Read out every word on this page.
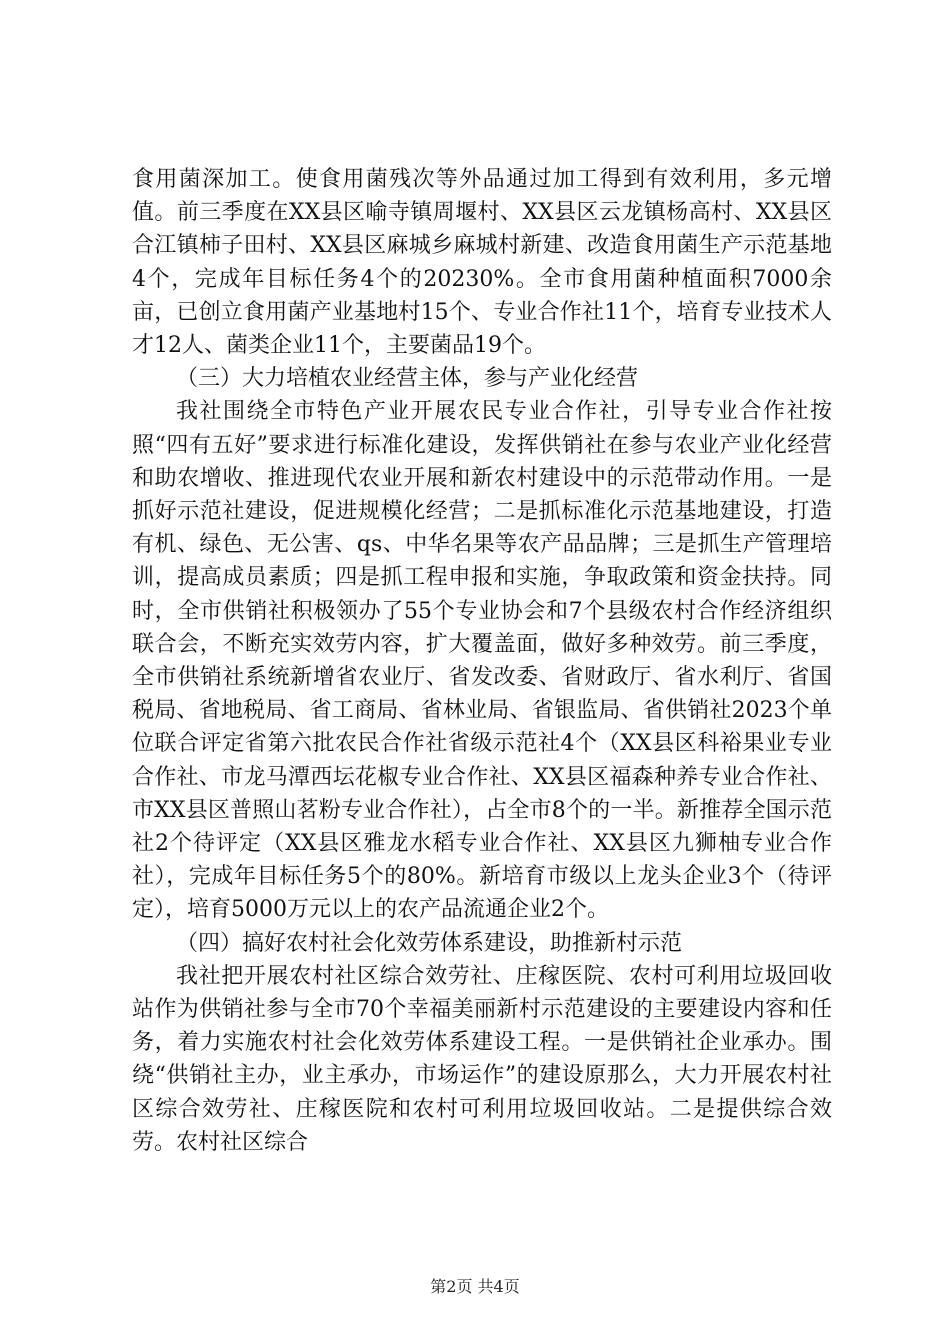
食用菌深加工。使食用菌残次等外品通过加工得到有效利用，多元增值。前三季度在XX县区喻寺镇周堰村、XX县区云龙镇杨高村、XX县区合江镇柿子田村、XX县区麻城乡麻城村新建、改造食用菌生产示范基地4个，完成年目标任务4个的20230%。全市食用菌种植面积7000余亩，已创立食用菌产业基地村15个、专业合作社11个，培育专业技术人才12人、菌类企业11个，主要菌品19个。

（三）大力培植农业经营主体，参与产业化经营

我社围绕全市特色产业开展农民专业合作社，引导专业合作社按照“四有五好”要求进行标准化建设，发挥供销社在参与农业产业化经营和助农增收、推进现代农业开展和新农村建设中的示范带动作用。一是抓好示范社建设，促进规模化经营；二是抓标准化示范基地建设，打造有机、绿色、无公害、qs、中华名果等农产品品牌；三是抓生产管理培训，提高成员素质；四是抓工程申报和实施，争取政策和资金扶持。同时，全市供销社积极领办了55个专业协会和7个县级农村合作经济组织联合会，不断充实效劳内容，扩大覆盖面，做好多种效劳。前三季度，全市供销社系统新增省农业厅、省发改委、省财政厅、省水利厅、省国税局、省地税局、省工商局、省林业局、省银监局、省供销社2023个单位联合评定省第六批农民合作社省级示范社4个（XX县区科裕果业专业合作社、市龙马潭西坛花椒专业合作社、XX县区福森种养专业合作社、市XX县区普照山茗粉专业合作社），占全市8个的一半。新推荐全国示范社2个待评定（XX县区雅龙水稻专业合作社、XX县区九狮柚专业合作社），完成年目标任务5个的80%。新培育市级以上龙头企业3个（待评定），培育5000万元以上的农产品流通企业2个。

（四）搞好农村社会化效劳体系建设，助推新村示范

我社把开展农村社区综合效劳社、庄稼医院、农村可利用垃圾回收站作为供销社参与全市70个幸福美丽新村示范建设的主要建设内容和任务，着力实施农村社会化效劳体系建设工程。一是供销社企业承办。围绕“供销社主办，业主承办，市场运作”的建设原那么，大力开展农村社区综合效劳社、庄稼医院和农村可利用垃圾回收站。二是提供综合效劳。农村社区综合

第2页 共4页
